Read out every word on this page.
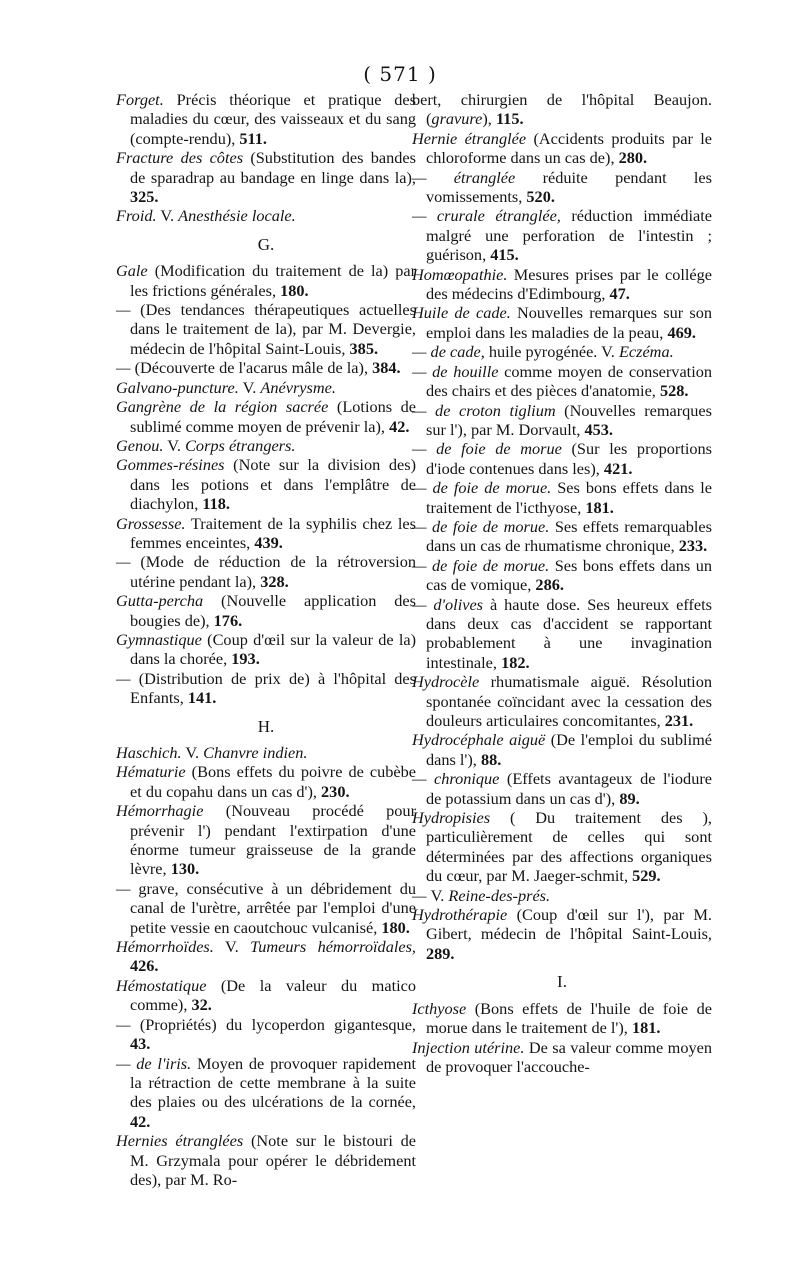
( 571 )

Forget. Précis théorique et pratique des maladies du cœur, des vaisseaux et du sang (compte-rendu), 511.

Fracture des côtes (Substitution des bandes de sparadrap au bandage en linge dans la), 325.

Froid. V. Anesthésie locale.

G.

Gale (Modification du traitement de la) par les frictions générales, 180.

— (Des tendances thérapeutiques actuelles dans le traitement de la), par M. Devergie, médecin de l'hôpital Saint-Louis, 385.

— (Découverte de l'acarus mâle de la), 384.

Galvano-puncture. V. Anévrysme.

Gangrène de la région sacrée (Lotions de sublimé comme moyen de prévenir la), 42.

Genou. V. Corps étrangers.

Gommes-résines (Note sur la division des) dans les potions et dans l'emplâtre de diachylon, 118.

Grossesse. Traitement de la syphilis chez les femmes enceintes, 439.

— (Mode de réduction de la rétroversion utérine pendant la), 328.

Gutta-percha (Nouvelle application des bougies de), 176.

Gymnastique (Coup d'œil sur la valeur de la) dans la chorée, 193.

— (Distribution de prix de) à l'hôpital des Enfants, 141.

H.

Haschich. V. Chanvre indien.

Hématurie (Bons effets du poivre de cubèbe et du copahu dans un cas d'), 230.

Hémorrhagie (Nouveau procédé pour prévenir l') pendant l'extirpation d'une énorme tumeur graisseuse de la grande lèvre, 130.

— grave, consécutive à un débridement du canal de l'urètre, arrêtée par l'emploi d'une petite vessie en caoutchouc vulcanisé, 180.

Hémorrhoïdes. V. Tumeurs hémorroïdales, 426.

Hémostatique (De la valeur du matico comme), 32.

— (Propriétés) du lycoperdon gigantesque, 43.

— de l'iris. Moyen de provoquer rapidement la rétraction de cette membrane à la suite des plaies ou des ulcérations de la cornée, 42.

Hernies étranglées (Note sur le bistouri de M. Grzymala pour opérer le débridement des), par M. Ro-

bert, chirurgien de l'hôpital Beaujon. (gravure), 115.

Hernie étranglée (Accidents produits par le chloroforme dans un cas de), 280.

— étranglée réduite pendant les vomissements, 520.

— crurale étranglée, réduction immédiate malgré une perforation de l'intestin ; guérison, 415.

Homœopathie. Mesures prises par le collége des médecins d'Edimbourg, 47.

Huile de cade. Nouvelles remarques sur son emploi dans les maladies de la peau, 469.

— de cade, huile pyrogénée. V. Eczéma.

— de houille comme moyen de conservation des chairs et des pièces d'anatomie, 528.

— de croton tiglium (Nouvelles remarques sur l'), par M. Dorvault, 453.

— de foie de morue (Sur les proportions d'iode contenues dans les), 421.

— de foie de morue. Ses bons effets dans le traitement de l'icthyose, 181.

— de foie de morue. Ses effets remarquables dans un cas de rhumatisme chronique, 233.

— de foie de morue. Ses bons effets dans un cas de vomique, 286.

— d'olives à haute dose. Ses heureux effets dans deux cas d'accident se rapportant probablement à une invagination intestinale, 182.

Hydrocèle rhumatismale aiguë. Résolution spontanée coïncidant avec la cessation des douleurs articulaires concomitantes, 231.

Hydrocéphale aiguë (De l'emploi du sublimé dans l'), 88.

— chronique (Effets avantageux de l'iodure de potassium dans un cas d'), 89.

Hydropisies ( Du traitement des ), particulièrement de celles qui sont déterminées par des affections organiques du cœur, par M. Jaeger-schmit, 529.

— V. Reine-des-prés.

Hydrothérapie (Coup d'œil sur l'), par M. Gibert, médecin de l'hôpital Saint-Louis, 289.

I.

Icthyose (Bons effets de l'huile de foie de morue dans le traitement de l'), 181.

Injection utérine. De sa valeur comme moyen de provoquer l'accouche-
